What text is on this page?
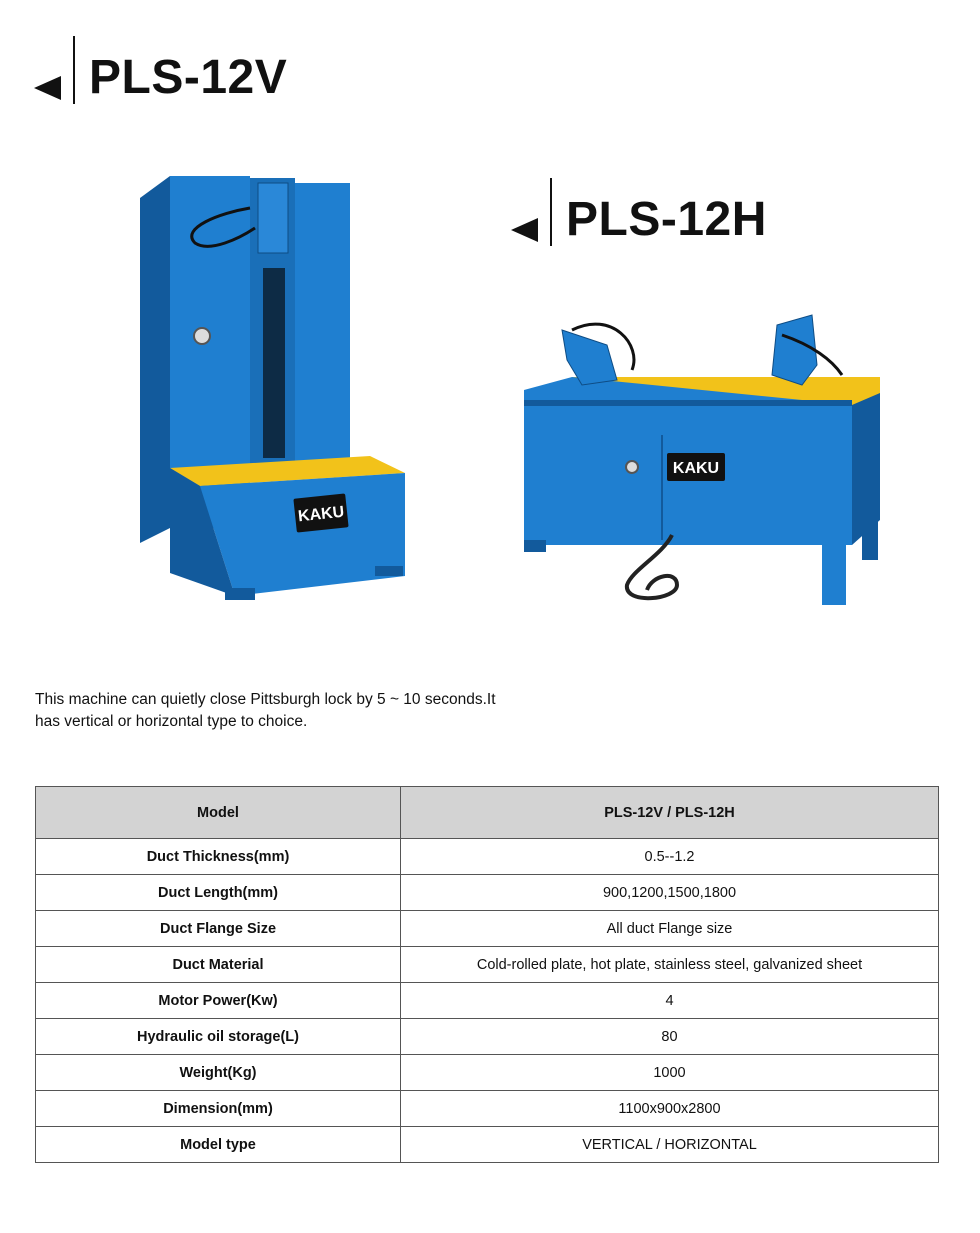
PLS-12V
PLS-12H
KAKU
KAKU
This machine can quietly close Pittsburgh lock by 5 ~ 10 seconds.It has vertical or horizontal type to choice.
Model	PLS-12V / PLS-12H
Duct Thickness(mm)	0.5--1.2
Duct Length(mm)	900,1200,1500,1800
Duct Flange Size	All duct Flange size
Duct Material	Cold-rolled plate, hot plate, stainless steel, galvanized sheet
Motor Power(Kw)	4
Hydraulic oil storage(L)	80
Weight(Kg)	1000
Dimension(mm)	1100x900x2800
Model type	VERTICAL / HORIZONTAL
